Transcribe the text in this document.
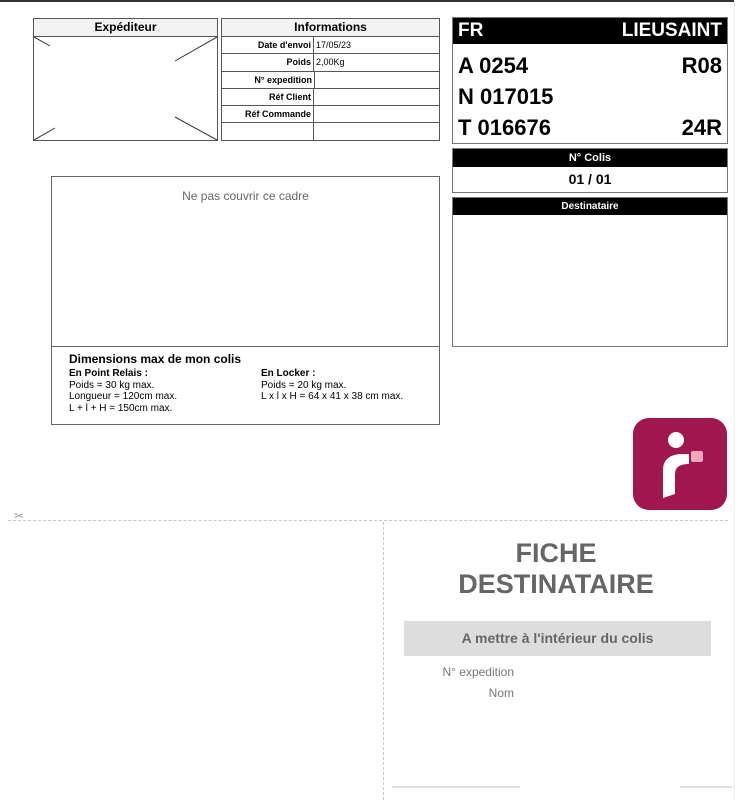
Expéditeur	Informations
Date d'envoi 17/05/23
Poids 2,00Kg
N° expedition
Réf Client
Réf Commande
FR	LIEUSAINT
A 0254	R08
N 017015
T 016676	24R
N° Colis
01 / 01
Destinataire
Ne pas couvrir ce cadre
Dimensions max de mon colis
En Point Relais :
Poids = 30 kg max.
Longueur = 120cm max.
L + l + H = 150cm max.
En Locker :
Poids = 20 kg max.
L x l x H = 64 x 41 x 38 cm max.
✂
FICHE
DESTINATAIRE
A mettre à l'intérieur du colis
N° expedition
Nom
